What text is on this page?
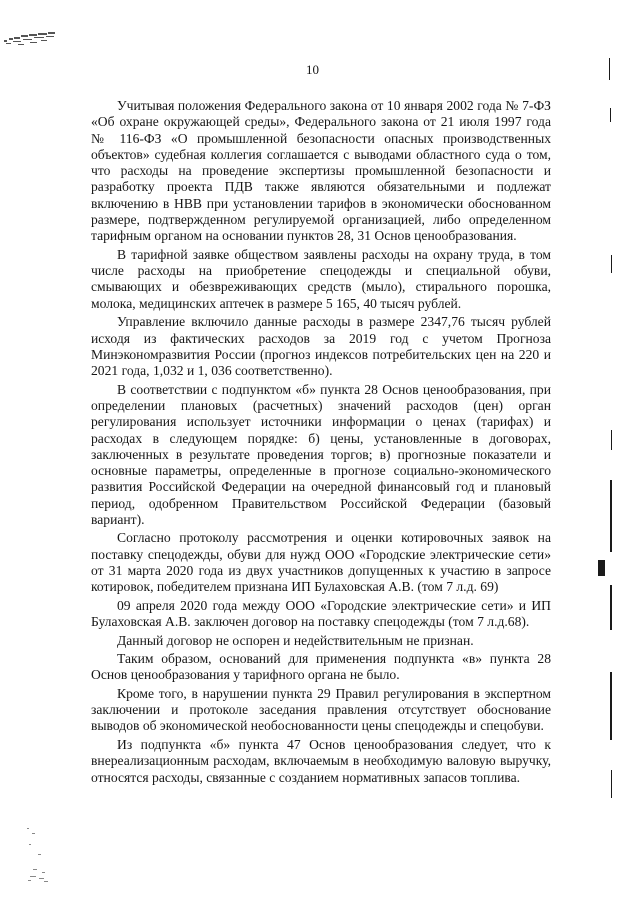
10

Учитывая положения Федерального закона от 10 января 2002 года № 7-ФЗ «Об охране окружающей среды», Федерального закона от 21 июля 1997 года № 116-ФЗ «О промышленной безопасности опасных производственных объектов» судебная коллегия соглашается с выводами областного суда о том, что расходы на проведение экспертизы промышленной безопасности и разработку проекта ПДВ также являются обязательными и подлежат включению в НВВ при установлении тарифов в экономически обоснованном размере, подтвержденном регулируемой организацией, либо определенном тарифным органом на основании пунктов 28, 31 Основ ценообразования.

В тарифной заявке обществом заявлены расходы на охрану труда, в том числе расходы на приобретение спецодежды и специальной обуви, смывающих и обезвреживающих средств (мыло), стирального порошка, молока, медицинских аптечек в размере 5 165, 40 тысяч рублей.

Управление включило данные расходы в размере 2347,76 тысяч рублей исходя из фактических расходов за 2019 год с учетом Прогноза Минэкономразвития России (прогноз индексов потребительских цен на 220 и 2021 года, 1,032 и 1, 036 соответственно).

В соответствии с подпунктом «б» пункта 28 Основ ценообразования, при определении плановых (расчетных) значений расходов (цен) орган регулирования использует источники информации о ценах (тарифах) и расходах в следующем порядке: б) цены, установленные в договорах, заключенных в результате проведения торгов; в) прогнозные показатели и основные параметры, определенные в прогнозе социально-экономического развития Российской Федерации на очередной финансовый год и плановый период, одобренном Правительством Российской Федерации (базовый вариант).

Согласно протоколу рассмотрения и оценки котировочных заявок на поставку спецодежды, обуви для нужд ООО «Городские электрические сети» от 31 марта 2020 года из двух участников допущенных к участию в запросе котировок, победителем признана ИП Булаховская А.В. (том 7 л.д. 69)

09 апреля 2020 года между ООО «Городские электрические сети» и ИП Булаховская А.В. заключен договор на поставку спецодежды (том 7 л.д.68).

Данный договор не оспорен и недействительным не признан.

Таким образом, оснований для применения подпункта «в» пункта 28 Основ ценообразования у тарифного органа не было.

Кроме того, в нарушении пункта 29 Правил регулирования в экспертном заключении и протоколе заседания правления отсутствует обоснование выводов об экономической необоснованности цены спецодежды и спецобуви.

Из подпункта «б» пункта 47 Основ ценообразования следует, что к внереализационным расходам, включаемым в необходимую валовую выручку, относятся расходы, связанные с созданием нормативных запасов топлива.
